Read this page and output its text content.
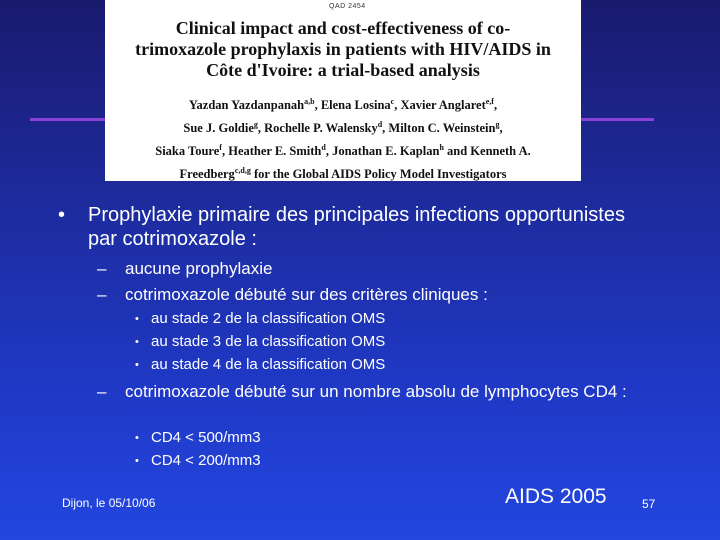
QAD 2454
Clinical impact and cost-effectiveness of co-
trimoxazole prophylaxis in patients with HIV/AIDS in
Côte d'Ivoire: a trial-based analysis
Yazdan Yazdanpanah$^{a,b}$, Elena Losina$^c$, Xavier Anglaret$^{e,f}$,
Sue J. Goldie$^g$, Rochelle P. Walensky$^d$, Milton C. Weinstein$^g$,
Siaka Toure$^f$, Heather E. Smith$^d$, Jonathan E. Kaplan$^h$ and Kenneth A.
Freedberg$^{c,d,g}$ for the Global AIDS Policy Model Investigators
• Prophylaxie primaire des principales infections opportunistes par cotrimoxazole :
– aucune prophylaxie
– cotrimoxazole débuté sur des critères cliniques :
• au stade 2 de la classification OMS
• au stade 3 de la classification OMS
• au stade 4 de la classification OMS
– cotrimoxazole débuté sur un nombre absolu de lymphocytes CD4 :
• CD4 < 500/mm3
• CD4 < 200/mm3
Dijon, le 05/10/06	AIDS 2005	57
